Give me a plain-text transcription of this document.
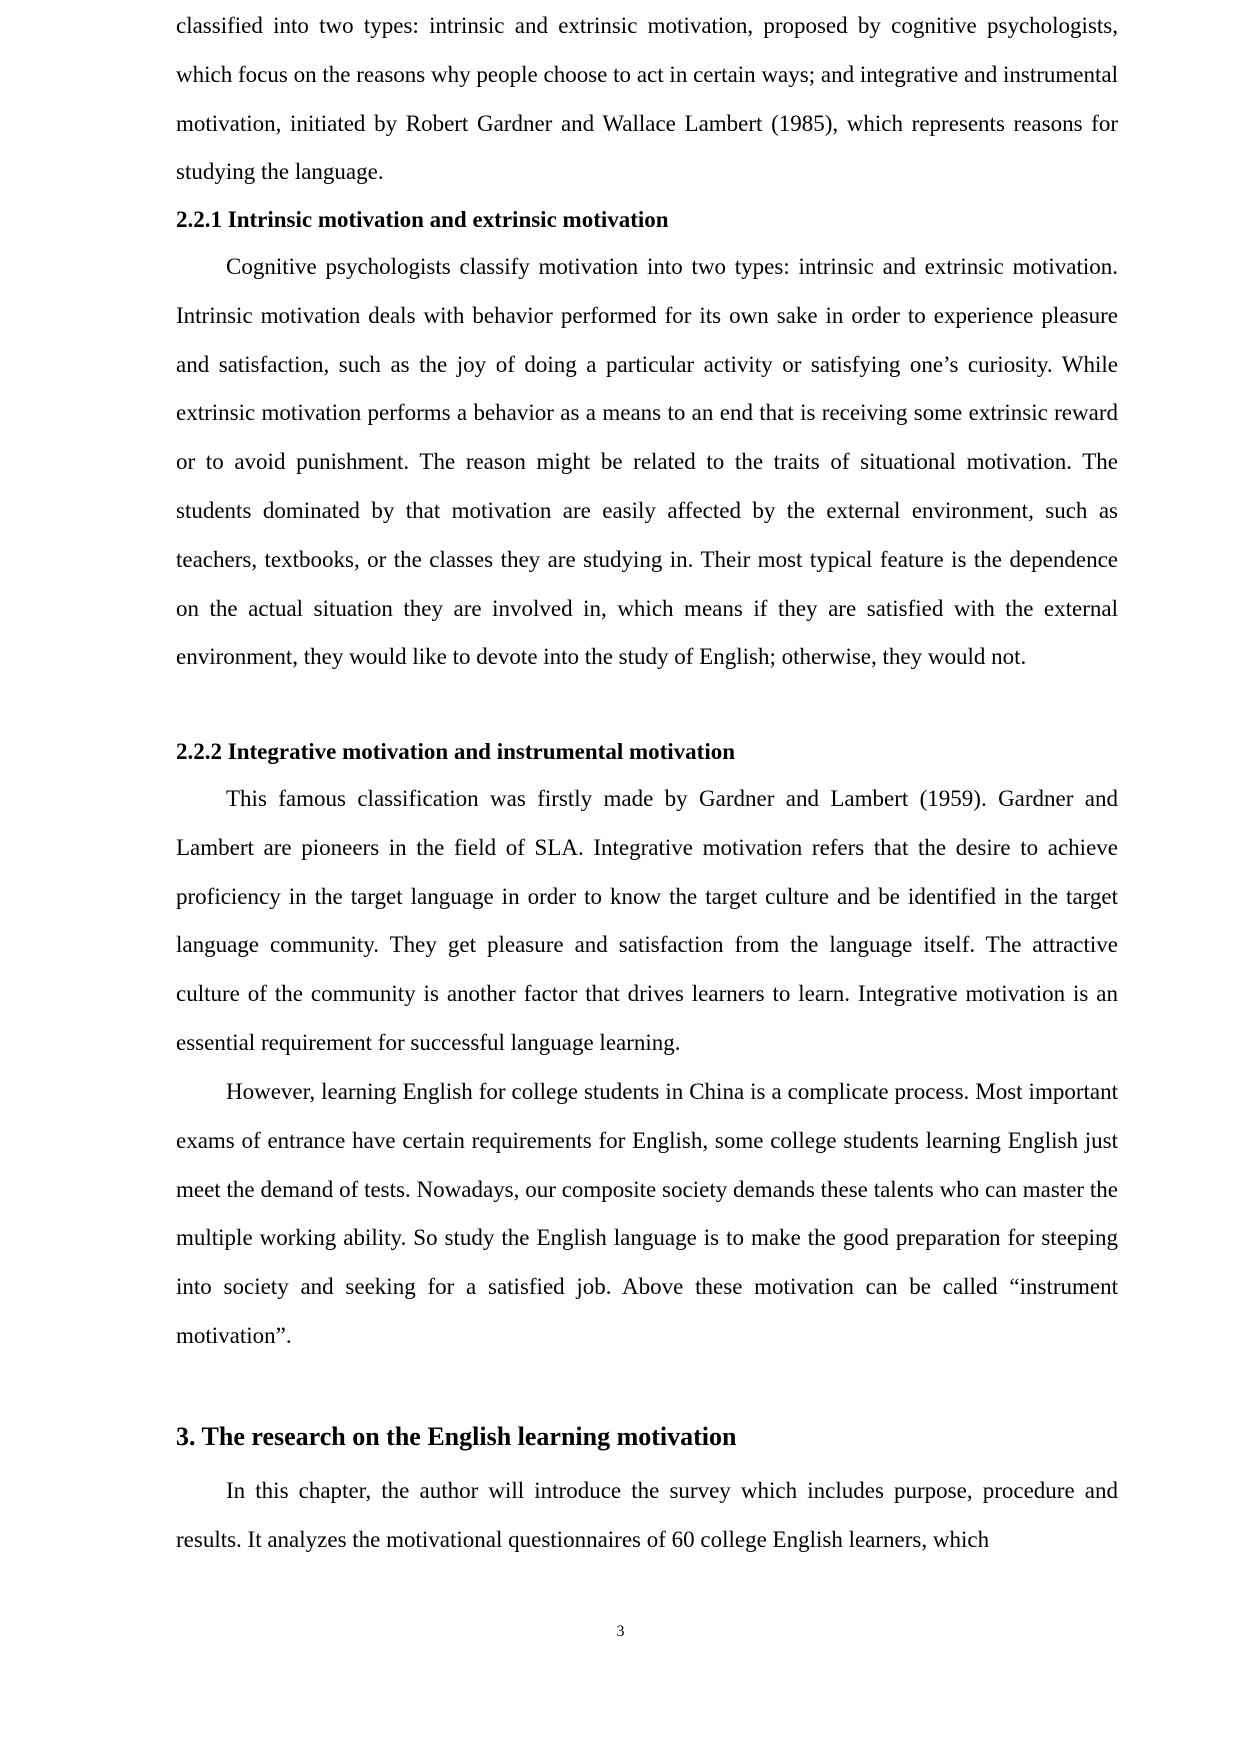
classified into two types: intrinsic and extrinsic motivation, proposed by cognitive psychologists, which focus on the reasons why people choose to act in certain ways; and integrative and instrumental motivation, initiated by Robert Gardner and Wallace Lambert (1985), which represents reasons for studying the language.

2.2.1 Intrinsic motivation and extrinsic motivation

Cognitive psychologists classify motivation into two types: intrinsic and extrinsic motivation. Intrinsic motivation deals with behavior performed for its own sake in order to experience pleasure and satisfaction, such as the joy of doing a particular activity or satisfying one’s curiosity. While extrinsic motivation performs a behavior as a means to an end that is receiving some extrinsic reward or to avoid punishment. The reason might be related to the traits of situational motivation. The students dominated by that motivation are easily affected by the external environment, such as teachers, textbooks, or the classes they are studying in. Their most typical feature is the dependence on the actual situation they are involved in, which means if they are satisfied with the external environment, they would like to devote into the study of English; otherwise, they would not.

2.2.2 Integrative motivation and instrumental motivation

This famous classification was firstly made by Gardner and Lambert (1959). Gardner and Lambert are pioneers in the field of SLA. Integrative motivation refers that the desire to achieve proficiency in the target language in order to know the target culture and be identified in the target language community. They get pleasure and satisfaction from the language itself. The attractive culture of the community is another factor that drives learners to learn. Integrative motivation is an essential requirement for successful language learning.

However, learning English for college students in China is a complicate process. Most important exams of entrance have certain requirements for English, some college students learning English just meet the demand of tests. Nowadays, our composite society demands these talents who can master the multiple working ability. So study the English language is to make the good preparation for steeping into society and seeking for a satisfied job. Above these motivation can be called “instrument motivation”.

3. The research on the English learning motivation

In this chapter, the author will introduce the survey which includes purpose, procedure and results. It analyzes the motivational questionnaires of 60 college English learners, which

3
